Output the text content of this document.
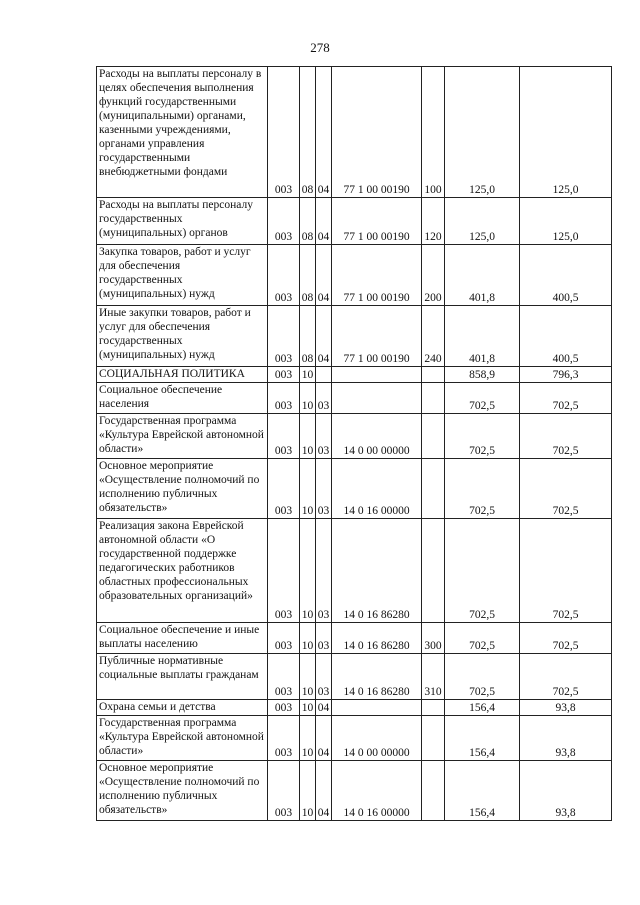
278
Расходы на выплаты персоналу в целях обеспечения выполнения функций государственными (муниципальными) органами, казенными учреждениями, органами управления государственными внебюджетными фондами	003	08	04	77 1 00 00190	100	125,0	125,0

Расходы на выплаты персоналу государственных (муниципальных) органов	003	08	04	77 1 00 00190	120	125,0	125,0

Закупка товаров, работ и услуг для обеспечения государственных (муниципальных) нужд	003	08	04	77 1 00 00190	200	401,8	400,5

Иные закупки товаров, работ и услуг для обеспечения государственных (муниципальных) нужд	003	08	04	77 1 00 00190	240	401,8	400,5

СОЦИАЛЬНАЯ ПОЛИТИКА	003	10				858,9	796,3

Социальное обеспечение населения	003	10	03			702,5	702,5

Государственная программа «Культура Еврейской автономной области»	003	10	03	14 0 00 00000		702,5	702,5

Основное мероприятие «Осуществление полномочий по исполнению публичных обязательств»	003	10	03	14 0 16 00000		702,5	702,5

Реализация закона Еврейской автономной области «О государственной поддержке педагогических работников областных профессиональных образовательных организаций»	003	10	03	14 0 16 86280		702,5	702,5

Социальное обеспечение и иные выплаты населению	003	10	03	14 0 16 86280	300	702,5	702,5

Публичные нормативные социальные выплаты гражданам	003	10	03	14 0 16 86280	310	702,5	702,5

Охрана семьи и детства	003	10	04			156,4	93,8

Государственная программа «Культура Еврейской автономной области»	003	10	04	14 0 00 00000		156,4	93,8

Основное мероприятие «Осуществление полномочий по исполнению публичных обязательств»	003	10	04	14 0 16 00000		156,4	93,8
